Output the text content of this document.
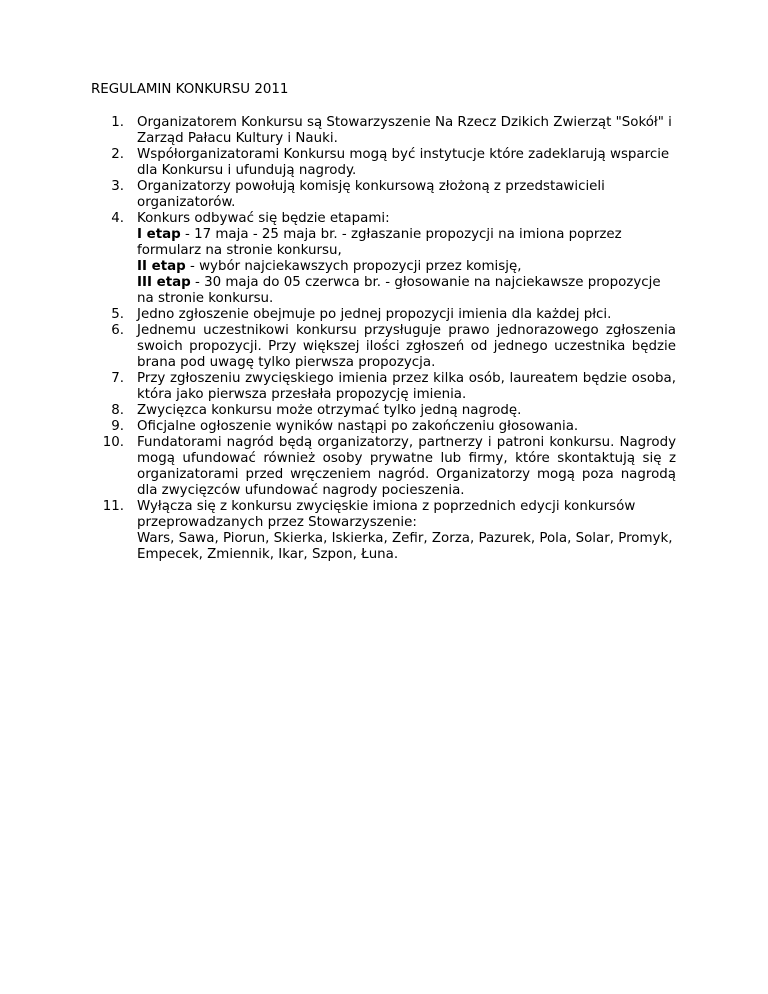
REGULAMIN KONKURSU 2011

1. Organizatorem Konkursu są Stowarzyszenie Na Rzecz Dzikich Zwierząt "Sokół" i Zarząd Pałacu Kultury i Nauki.
2. Współorganizatorami Konkursu mogą być instytucje które zadeklarują wsparcie dla Konkursu i ufundują nagrody.
3. Organizatorzy powołują komisję konkursową złożoną z przedstawicieli organizatorów.
4. Konkurs odbywać się będzie etapami:
I etap - 17 maja - 25 maja br. - zgłaszanie propozycji na imiona poprzez formularz na stronie konkursu,
II etap - wybór najciekawszych propozycji przez komisję,
III etap - 30 maja do 05 czerwca br. - głosowanie na najciekawsze propozycje na stronie konkursu.
5. Jedno zgłoszenie obejmuje po jednej propozycji imienia dla każdej płci.
6. Jednemu uczestnikowi konkursu przysługuje prawo jednorazowego zgłoszenia swoich propozycji. Przy większej ilości zgłoszeń od jednego uczestnika będzie brana pod uwagę tylko pierwsza propozycja.
7. Przy zgłoszeniu zwycięskiego imienia przez kilka osób, laureatem będzie osoba, która jako pierwsza przesłała propozycję imienia.
8. Zwycięzca konkursu może otrzymać tylko jedną nagrodę.
9. Oficjalne ogłoszenie wyników nastąpi po zakończeniu głosowania.
10. Fundatorami nagród będą organizatorzy, partnerzy i patroni konkursu. Nagrody mogą ufundować również osoby prywatne lub firmy, które skontaktują się z organizatorami przed wręczeniem nagród. Organizatorzy mogą poza nagrodą dla zwycięzców ufundować nagrody pocieszenia.
11. Wyłącza się z konkursu zwycięskie imiona z poprzednich edycji konkursów przeprowadzanych przez Stowarzyszenie:
Wars, Sawa, Piorun, Skierka, Iskierka, Zefir, Zorza, Pazurek, Pola, Solar, Promyk, Empecek, Zmiennik, Ikar, Szpon, Łuna.
